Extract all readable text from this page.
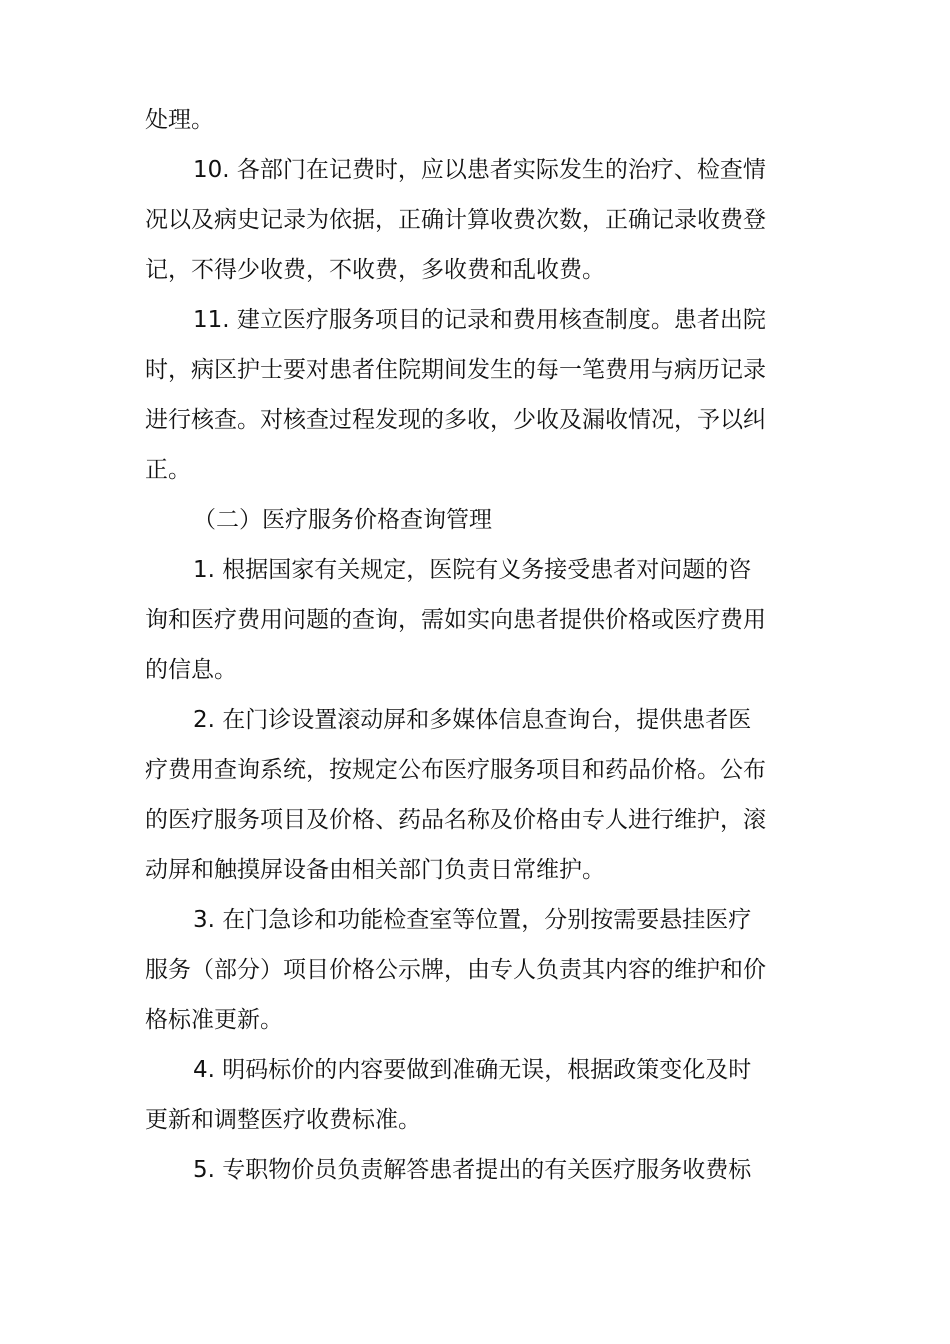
处理。
10. 各部门在记费时，应以患者实际发生的治疗、检查情
况以及病史记录为依据，正确计算收费次数，正确记录收费登
记，不得少收费，不收费，多收费和乱收费。
11. 建立医疗服务项目的记录和费用核查制度。患者出院
时，病区护士要对患者住院期间发生的每一笔费用与病历记录
进行核查。对核查过程发现的多收，少收及漏收情况，予以纠
正。
（二）医疗服务价格查询管理
1. 根据国家有关规定，医院有义务接受患者对问题的咨
询和医疗费用问题的查询，需如实向患者提供价格或医疗费用
的信息。
2. 在门诊设置滚动屏和多媒体信息查询台，提供患者医
疗费用查询系统，按规定公布医疗服务项目和药品价格。公布
的医疗服务项目及价格、药品名称及价格由专人进行维护，滚
动屏和触摸屏设备由相关部门负责日常维护。
3. 在门急诊和功能检查室等位置，分别按需要悬挂医疗
服务（部分）项目价格公示牌，由专人负责其内容的维护和价
格标准更新。
4. 明码标价的内容要做到准确无误，根据政策变化及时
更新和调整医疗收费标准。
5. 专职物价员负责解答患者提出的有关医疗服务收费标
